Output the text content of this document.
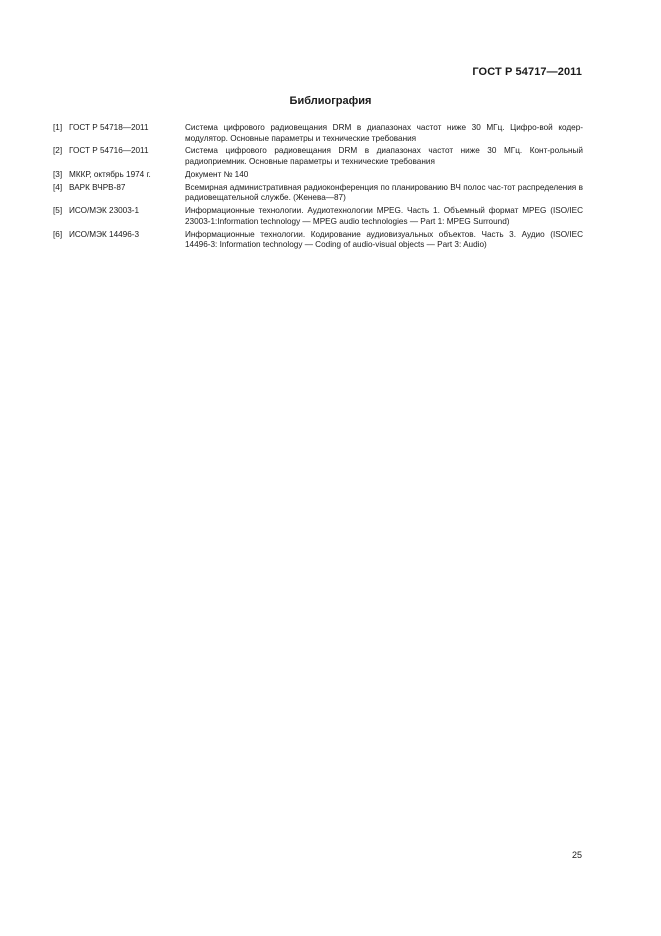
ГОСТ Р 54717—2011
Библиография
[1] ГОСТ Р 54718—2011	Система цифрового радиовещания DRM в диапазонах частот ниже 30 МГц. Цифро-вой кодер-модулятор. Основные параметры и технические требования
[2] ГОСТ Р 54716—2011	Система цифрового радиовещания DRM в диапазонах частот ниже 30 МГц. Конт-рольный радиоприемник. Основные параметры и технические требования
[3] МККР, октябрь 1974 г.	Документ № 140
[4] ВАРК ВЧРВ-87	Всемирная административная радиоконференция по планированию ВЧ полос час-тот распределения в радиовещательной службе. (Женева—87)
[5] ИСО/МЭК 23003-1	Информационные технологии. Аудиотехнологии MPEG. Часть 1. Объемный формат MPEG (ISO/IEC 23003-1:Information technology — MPEG audio technologies — Part 1: MPEG Surround)
[6] ИСО/МЭК 14496-3	Информационные технологии. Кодирование аудиовизуальных объектов. Часть 3. Аудио (ISO/IEC 14496-3: Information technology — Coding of audio-visual objects — Part 3: Audio)
25
